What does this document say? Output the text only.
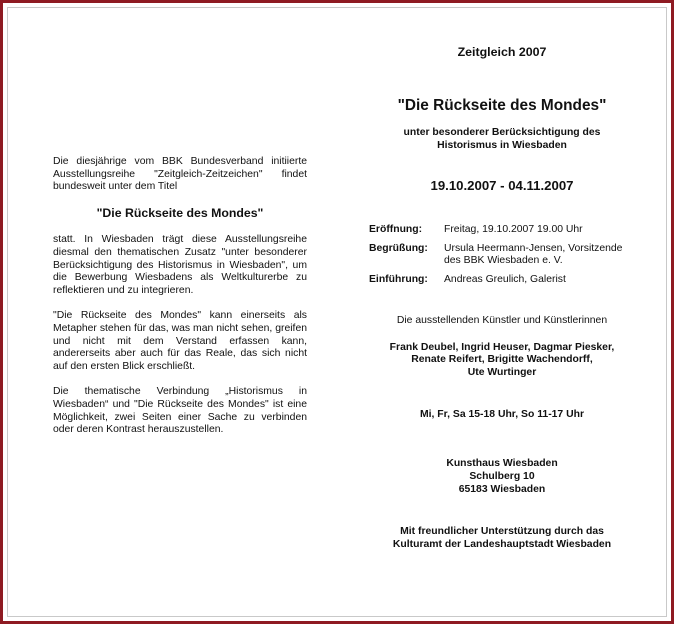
Die diesjährige vom BBK Bundesverband initiierte Ausstellungsreihe "Zeitgleich-Zeitzeichen" findet bundesweit unter dem Titel

"Die Rückseite des Mondes"

statt. In Wiesbaden trägt diese Ausstellungsreihe diesmal den thematischen Zusatz "unter besonderer Berücksichtigung des Historismus in Wiesbaden", um die Bewerbung Wiesbadens als Weltkulturerbe zu reflektieren und zu integrieren.

"Die Rückseite des Mondes" kann einerseits als Metapher stehen für das, was man nicht sehen, greifen und nicht mit dem Verstand erfassen kann, andererseits aber auch für das Reale, das sich nicht auf den ersten Blick erschließt.

Die thematische Verbindung „Historismus in Wiesbaden“ und "Die Rückseite des Mondes" ist eine Möglichkeit, zwei Seiten einer Sache zu verbinden oder deren Kontrast herauszustellen.

Zeitgleich 2007
"Die Rückseite des Mondes"
unter besonderer Berücksichtigung des
Historismus in Wiesbaden
19.10.2007 - 04.11.2007
Eröffnung:	Freitag, 19.10.2007 19.00 Uhr
Begrüßung:	Ursula Heermann-Jensen, Vorsitzende des BBK Wiesbaden e. V.
Einführung:	Andreas Greulich, Galerist
Die ausstellenden Künstler und Künstlerinnen
Frank Deubel, Ingrid Heuser, Dagmar Piesker,
Renate Reifert, Brigitte Wachendorff,
Ute Wurtinger
Mi, Fr, Sa 15-18 Uhr, So 11-17 Uhr
Kunsthaus Wiesbaden
Schulberg 10
65183 Wiesbaden
Mit freundlicher Unterstützung durch das
Kulturamt der Landeshauptstadt Wiesbaden
